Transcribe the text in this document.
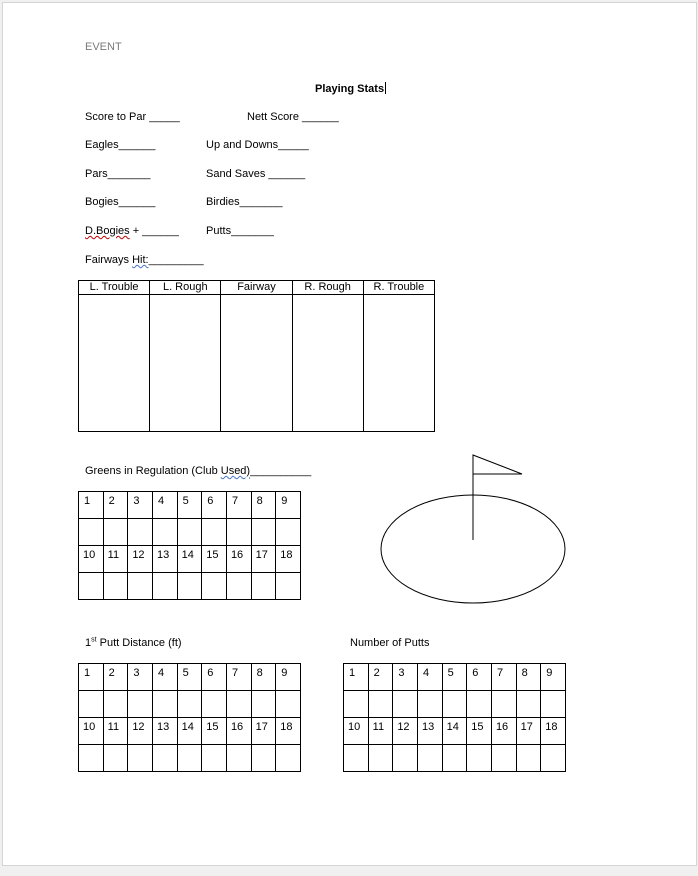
EVENT
Playing Stats
Score to Par _____	Nett Score ______
Eagles______	Up and Downs_____
Pars_______	Sand Saves ______
Bogies______	Birdies_______
D.Bogies + ______ Putts_______
Fairways Hit:_________
L. Trouble	L. Rough	Fairway	R. Rough	R. Trouble

Greens in Regulation (Club Used)__________
1	2	3	4	5	6	7	8	9

10	11	12	13	14	15	16	17	18

1st Putt Distance (ft)
1	2	3	4	5	6	7	8	9

10	11	12	13	14	15	16	17	18

Number of Putts
1	2	3	4	5	6	7	8	9

10	11	12	13	14	15	16	17	18
